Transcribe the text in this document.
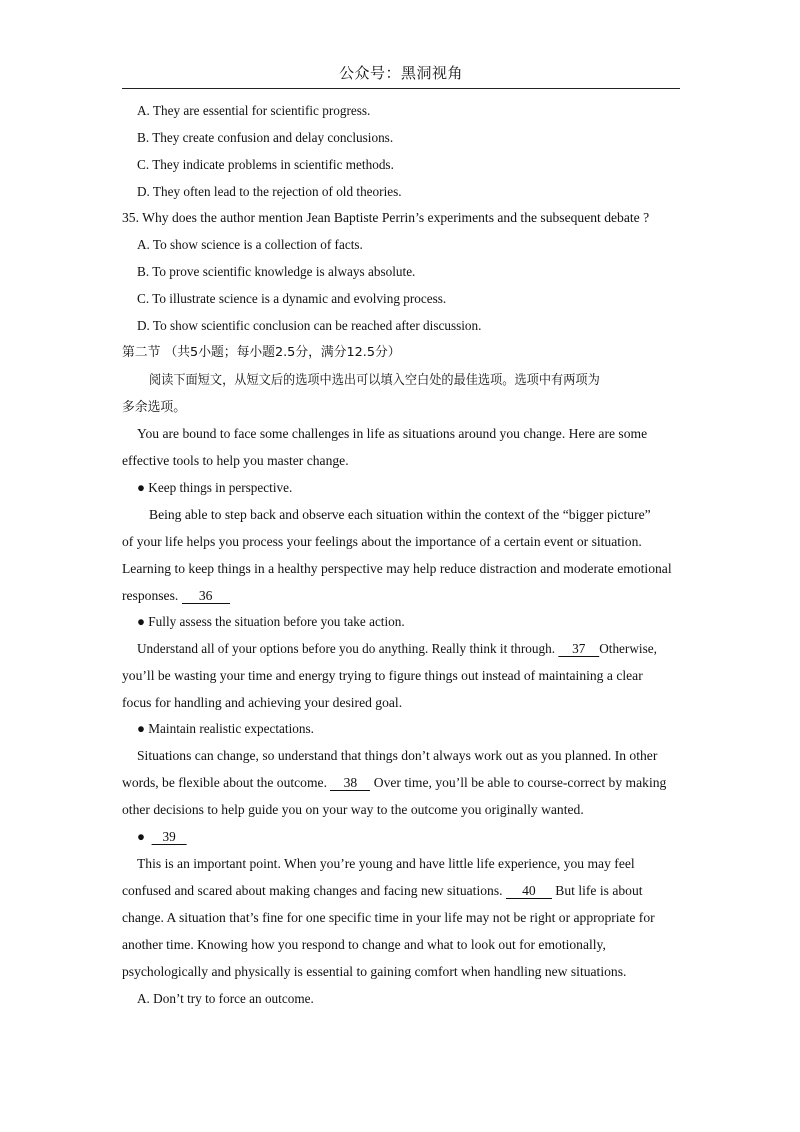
公众号：黑洞视角
A. They are essential for scientific progress.
B. They create confusion and delay conclusions.
C. They indicate problems in scientific methods.
D. They often lead to the rejection of old theories.
35. Why does the author mention Jean Baptiste Perrin’s experiments and the subsequent debate ?
A. To show science is a collection of facts.
B. To prove scientific knowledge is always absolute.
C. To illustrate science is a dynamic and evolving process.
D. To show scientific conclusion can be reached after discussion.
第二节 （共5小题；每小题2.5分，满分12.5分）
阅读下面短文，从短文后的选项中选出可以填入空白处的最佳选项。选项中有两项为
多余选项。
You are bound to face some challenges in life as situations around you change. Here are some
effective tools to help you master change.
● Keep things in perspective.
Being able to step back and observe each situation within the context of the “bigger picture”
of your life helps you process your feelings about the importance of a certain event or situation.
Learning to keep things in a healthy perspective may help reduce distraction and moderate emotional
responses. 36
● Fully assess the situation before you take action.
Understand all of your options before you do anything. Really think it through. 37 Otherwise,
you’ll be wasting your time and energy trying to figure things out instead of maintaining a clear
focus for handling and achieving your desired goal.
● Maintain realistic expectations.
Situations can change, so understand that things don’t always work out as you planned. In other
words, be flexible about the outcome. 38 Over time, you’ll be able to course-correct by making
other decisions to help guide you on your way to the outcome you originally wanted.
● 39
This is an important point. When you’re young and have little life experience, you may feel
confused and scared about making changes and facing new situations. 40 But life is about
change. A situation that’s fine for one specific time in your life may not be right or appropriate for
another time. Knowing how you respond to change and what to look out for emotionally,
psychologically and physically is essential to gaining comfort when handling new situations.
A. Don’t try to force an outcome.
